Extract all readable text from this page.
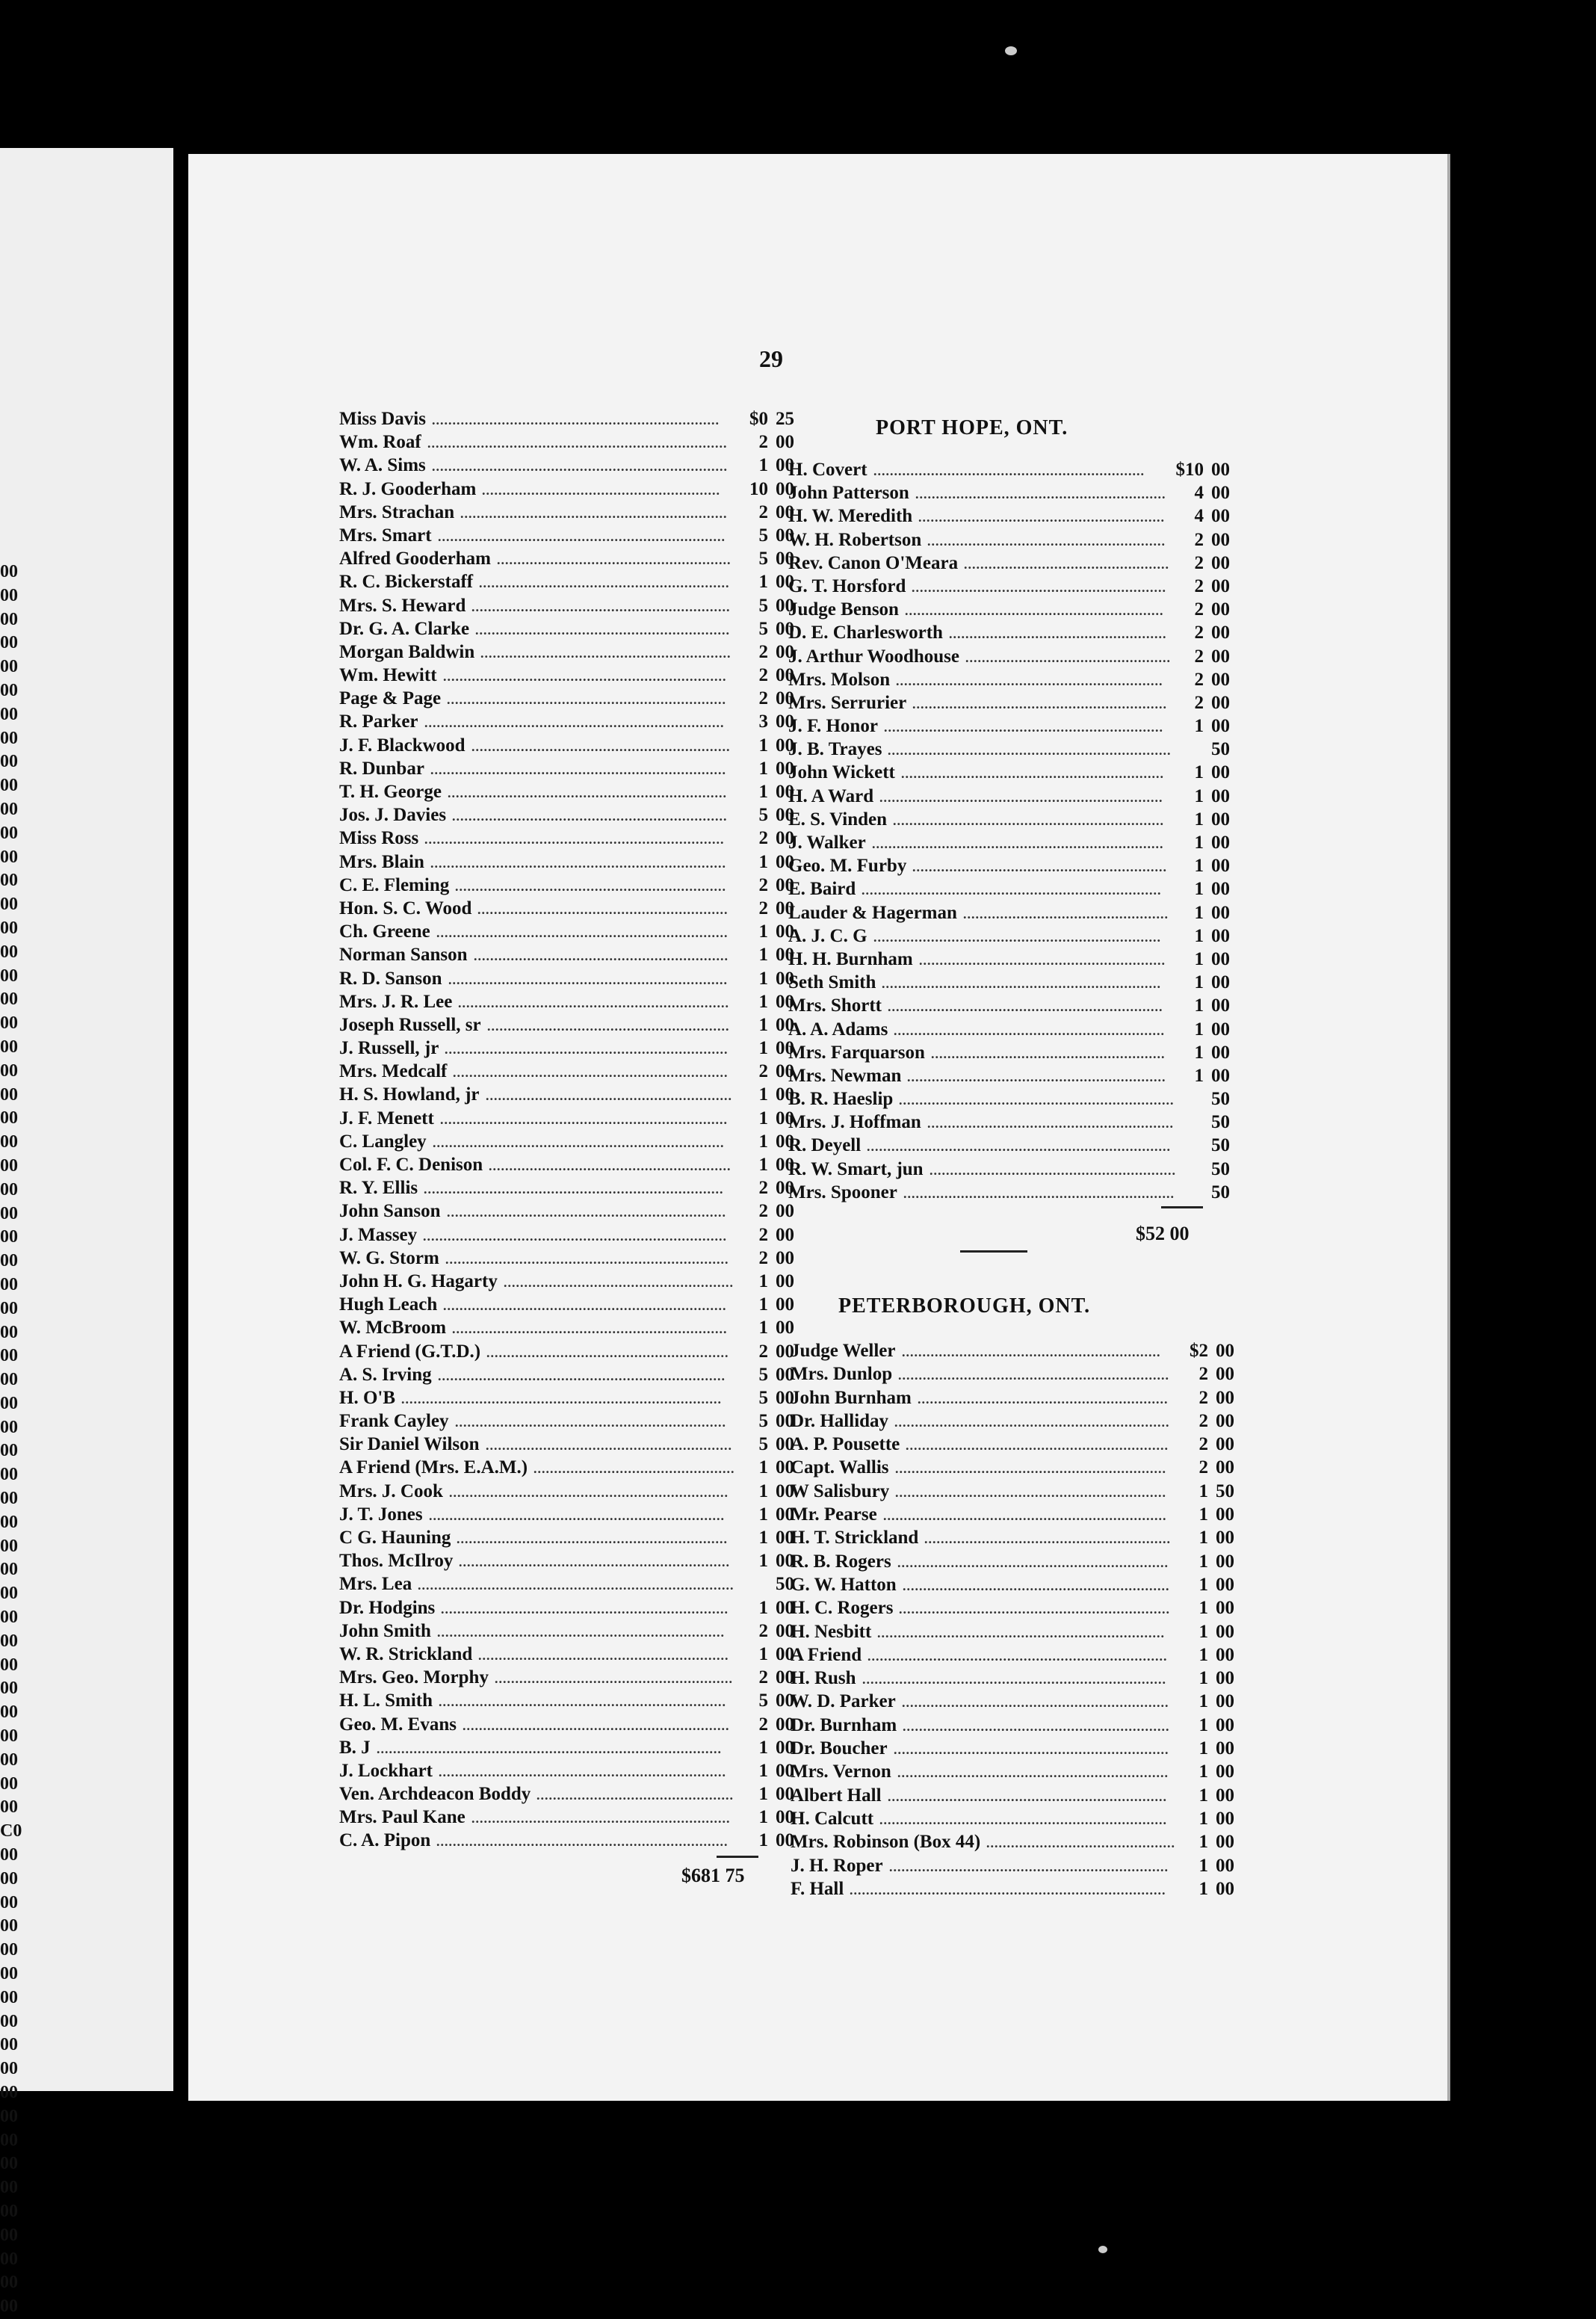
00
00
00
00
00
00
00
00
00
00
00
00
00
00
00
00
00
00
00
00
00
00
00
00
00
00
00
00
00
00
00
00
00
00
00
00
00
00
00
00
00
00
00
00
00
00
00
00
00
00
00
00
00
C0
00
00
00
00
00
00
00
00
00
00
00
00
00
00
00
00
00
00
00
00
29
Miss Davis ......................................................................	$0 25
Wm. Roaf .........................................................................	2 00
W. A. Sims ........................................................................	1 00
R. J. Gooderham ..........................................................	10 00
Mrs. Strachan .................................................................	2 00
Mrs. Smart ......................................................................	5 00
Alfred Gooderham .........................................................	5 00
R. C. Bickerstaff .............................................................	1 00
Mrs. S. Heward ...............................................................	5 00
Dr. G. A. Clarke ..............................................................	5 00
Morgan Baldwin .............................................................	2 00
Wm. Hewitt .....................................................................	2 00
Page & Page ....................................................................	2 00
R. Parker .........................................................................	3 00
J. F. Blackwood ...............................................................	1 00
R. Dunbar ........................................................................	1 00
T. H. George ....................................................................	1 00
Jos. J. Davies ...................................................................	5 00
Miss Ross .........................................................................	2 00
Mrs. Blain ........................................................................	1 00
C. E. Fleming ..................................................................	2 00
Hon. S. C. Wood .............................................................	2 00
Ch. Greene .......................................................................	1 00
Norman Sanson ..............................................................	1 00
R. D. Sanson ....................................................................	1 00
Mrs. J. R. Lee ..................................................................	1 00
Joseph Russell, sr ...........................................................	1 00
J. Russell, jr .....................................................................	1 00
Mrs. Medcalf ...................................................................	2 00
H. S. Howland, jr ............................................................	1 00
J. F. Menett ......................................................................	1 00
C. Langley .......................................................................	1 00
Col. F. C. Denison ...........................................................	1 00
R. Y. Ellis .........................................................................	2 00
John Sanson ....................................................................	2 00
J. Massey ..........................................................................	2 00
W. G. Storm .....................................................................	2 00
John H. G. Hagarty ........................................................	1 00
Hugh Leach .....................................................................	1 00
W. McBroom ...................................................................	1 00
A Friend (G.T.D.) ...........................................................	2 00
A. S. Irving ......................................................................	5 00
H. O'B ..............................................................................	5 00
Frank Cayley ..................................................................	5 00
Sir Daniel Wilson ............................................................	5 00
A Friend (Mrs. E.A.M.) .................................................	1 00
Mrs. J. Cook ....................................................................	1 00
J. T. Jones ........................................................................	1 00
C G. Hauning ..................................................................	1 00
Thos. McIlroy ..................................................................	1 00
Mrs. Lea .............................................................................	50
Dr. Hodgins ......................................................................	1 00
John Smith ......................................................................	2 00
W. R. Strickland .............................................................	1 00
Mrs. Geo. Morphy ..........................................................	2 00
H. L. Smith ......................................................................	5 00
Geo. M. Evans .................................................................	2 00
B. J ....................................................................................	1 00
J. Lockhart ......................................................................	1 00
Ven. Archdeacon Boddy ................................................	1 00
Mrs. Paul Kane ...............................................................	1 00
C. A. Pipon .......................................................................	1 00
$681 75
PORT HOPE, ONT.
H. Covert ..................................................................	$10 00
John Patterson .............................................................	4 00
H. W. Meredith ............................................................	4 00
W. H. Robertson ..........................................................	2 00
Rev. Canon O'Meara ..................................................	2 00
G. T. Horsford ..............................................................	2 00
Judge Benson ...............................................................	2 00
D. E. Charlesworth .....................................................	2 00
J. Arthur Woodhouse ..................................................	2 00
Mrs. Molson .................................................................	2 00
Mrs. Serrurier ..............................................................	2 00
J. F. Honor ....................................................................	1 00
J. B. Trayes .....................................................................	50
John Wickett ................................................................	1 00
H. A Ward .....................................................................	1 00
E. S. Vinden ..................................................................	1 00
J. Walker .......................................................................	1 00
Geo. M. Furby ..............................................................	1 00
E. Baird .........................................................................	1 00
Lauder & Hagerman ..................................................	1 00
A. J. C. G ......................................................................	1 00
H. H. Burnham ............................................................	1 00
Seth Smith ....................................................................	1 00
Mrs. Shortt ...................................................................	1 00
A. A. Adams ..................................................................	1 00
Mrs. Farquarson .........................................................	1 00
Mrs. Newman ...............................................................	1 00
B. R. Haeslip ...................................................................	50
Mrs. J. Hoffman ............................................................	50
R. Deyell ..........................................................................	50
R. W. Smart, jun ............................................................	50
Mrs. Spooner ..................................................................	50
$52 00
PETERBOROUGH, ONT.
Judge Weller ...............................................................	$2 00
Mrs. Dunlop ..................................................................	2 00
John Burnham .............................................................	2 00
Dr. Halliday ...................................................................	2 00
A. P. Pousette ................................................................	2 00
Capt. Wallis ..................................................................	2 00
W Salisbury ..................................................................	1 50
Mr. Pearse .....................................................................	1 00
H. T. Strickland ............................................................	1 00
R. B. Rogers ..................................................................	1 00
G. W. Hatton .................................................................	1 00
H. C. Rogers ..................................................................	1 00
H. Nesbitt ......................................................................	1 00
A Friend .........................................................................	1 00
H. Rush ..........................................................................	1 00
W. D. Parker .................................................................	1 00
Dr. Burnham .................................................................	1 00
Dr. Boucher ...................................................................	1 00
Mrs. Vernon ..................................................................	1 00
Albert Hall ....................................................................	1 00
H. Calcutt ......................................................................	1 00
Mrs. Robinson (Box 44) ..............................................	1 00
J. H. Roper ....................................................................	1 00
F. Hall .............................................................................	1 00
